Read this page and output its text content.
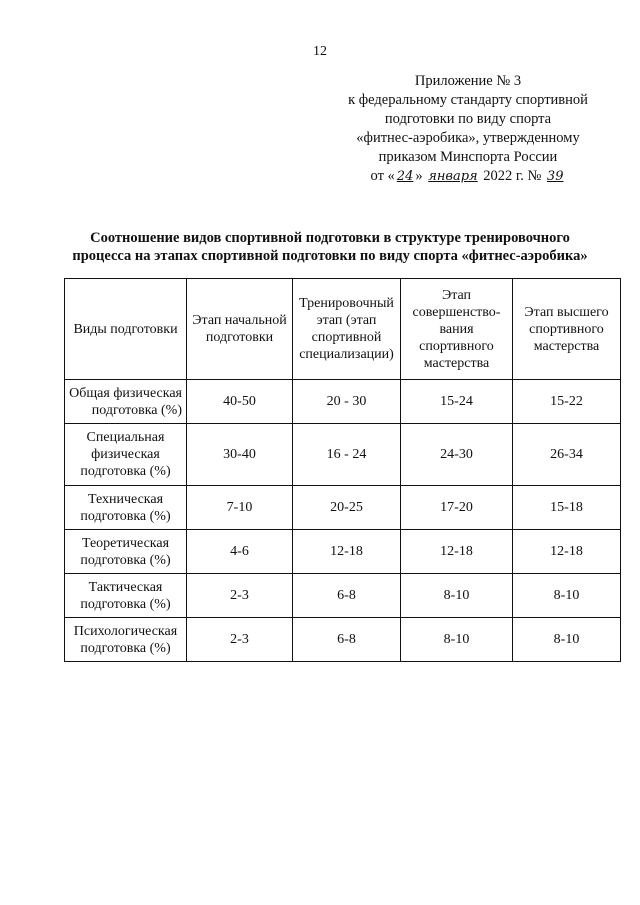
12
Приложение № 3
к федеральному стандарту спортивной
подготовки по виду спорта
«фитнес-аэробика», утвержденному
приказом Минспорта России
от « 24 » января 2022 г. № 39
Соотношение видов спортивной подготовки в структуре тренировочного
процесса на этапах спортивной подготовки по виду спорта «фитнес-аэробика»
Виды подготовки	Этап начальной подготовки	Тренировочный этап (этап спортивной специализации)	Этап совершенство-вания спортивного мастерства	Этап высшего спортивного мастерства
Общая физическая подготовка (%)	40-50	20 - 30	15-24	15-22
Специальная физическая подготовка (%)	30-40	16 - 24	24-30	26-34
Техническая подготовка (%)	7-10	20-25	17-20	15-18
Теоретическая подготовка (%)	4-6	12-18	12-18	12-18
Тактическая подготовка (%)	2-3	6-8	8-10	8-10
Психологическая подготовка (%)	2-3	6-8	8-10	8-10
